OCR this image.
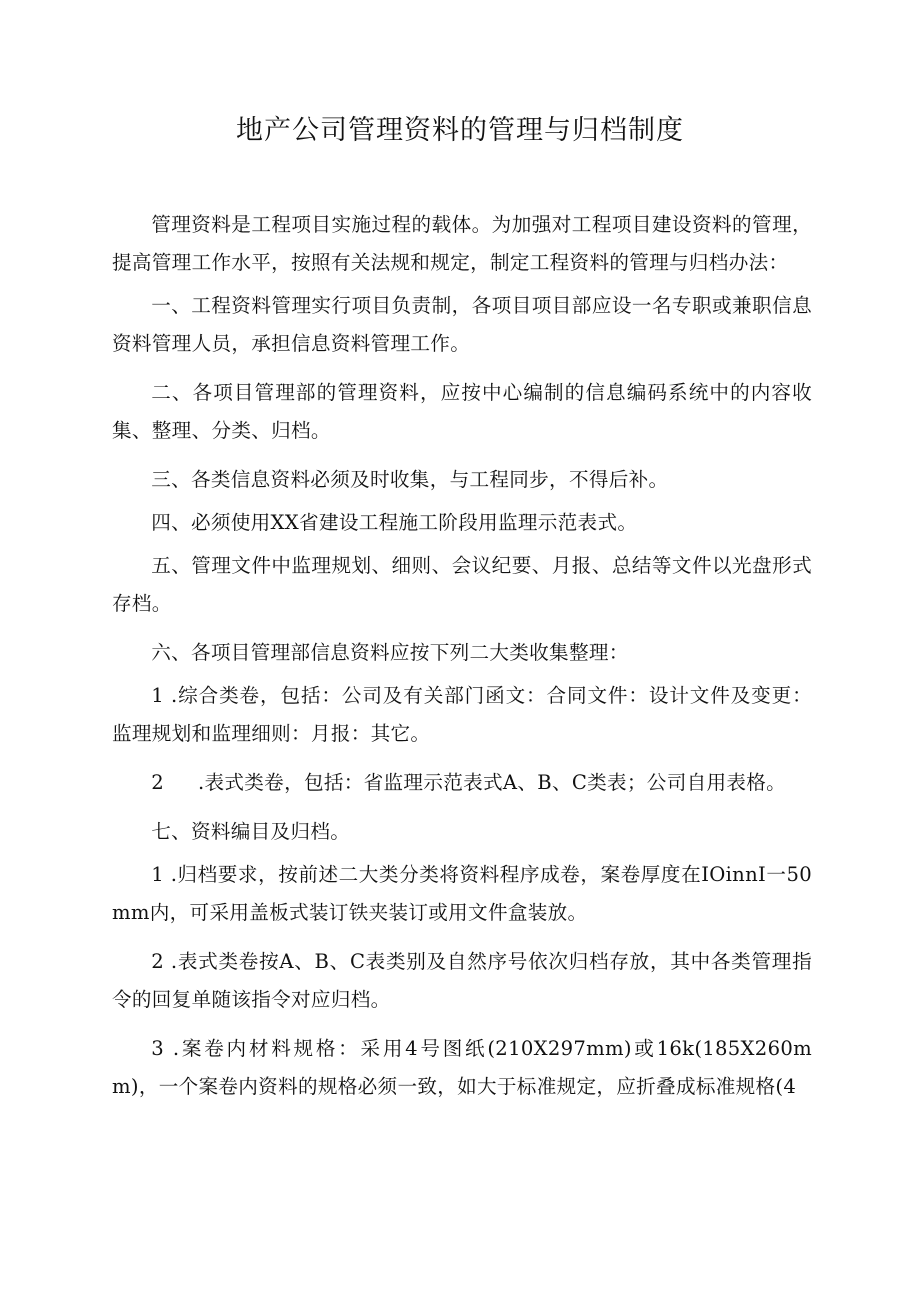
地产公司管理资料的管理与归档制度

管理资料是工程项目实施过程的载体。为加强对工程项目建设资料的管理，提高管理工作水平，按照有关法规和规定，制定工程资料的管理与归档办法：

一、工程资料管理实行项目负责制，各项目项目部应设一名专职或兼职信息资料管理人员，承担信息资料管理工作。

二、各项目管理部的管理资料，应按中心编制的信息编码系统中的内容收集、整理、分类、归档。

三、各类信息资料必须及时收集，与工程同步，不得后补。

四、必须使用XX省建设工程施工阶段用监理示范表式。

五、管理文件中监理规划、细则、会议纪要、月报、总结等文件以光盘形式存档。

六、各项目管理部信息资料应按下列二大类收集整理：

1 .综合类卷，包括：公司及有关部门函文：合同文件：设计文件及变更：监理规划和监理细则：月报：其它。

2 .表式类卷，包括：省监理示范表式A、B、C类表；公司自用表格。

七、资料编目及归档。

1 .归档要求，按前述二大类分类将资料程序成卷，案卷厚度在IOinnI一50mm内，可采用盖板式装订铁夹装订或用文件盒装放。

2 .表式类卷按A、B、C表类别及自然序号依次归档存放，其中各类管理指令的回复单随该指令对应归档。

3 .案卷内材料规格：采用4号图纸(210X297mm)或16k(185X260mm)，一个案卷内资料的规格必须一致，如大于标准规定，应折叠成标准规格(4
